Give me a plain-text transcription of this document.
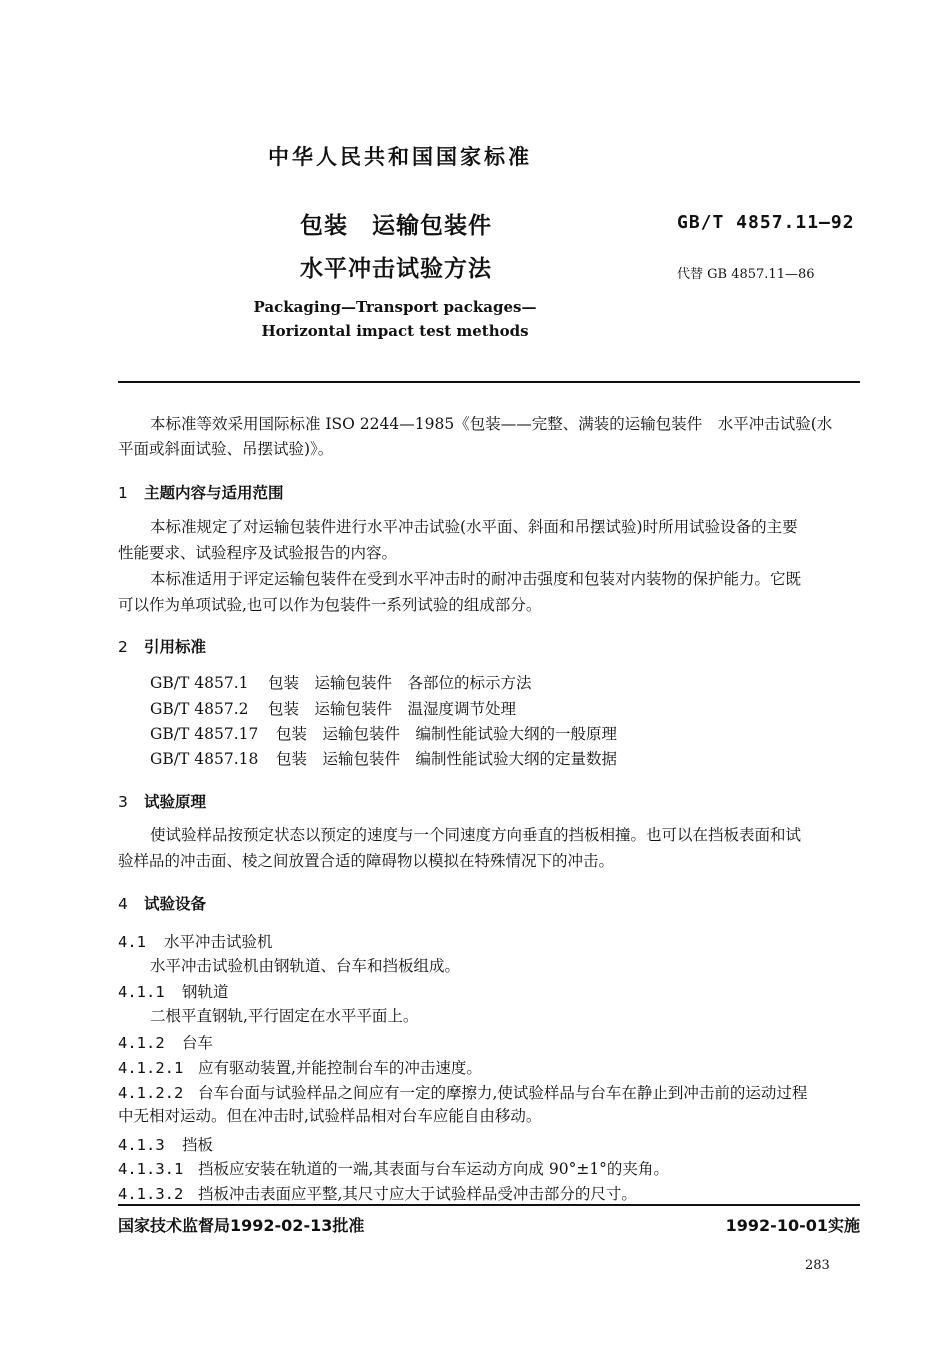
中华人民共和国国家标准
包装　运输包装件
水平冲击试验方法
GB/T 4857.11—92
代替 GB 4857.11—86
Packaging—Transport packages—
Horizontal impact test methods
本标准等效采用国际标准 ISO 2244—1985《包装——完整、满装的运输包装件　水平冲击试验(水
平面或斜面试验、吊摆试验)》。
1 主题内容与适用范围
本标准规定了对运输包装件进行水平冲击试验(水平面、斜面和吊摆试验)时所用试验设备的主要
性能要求、试验程序及试验报告的内容。
本标准适用于评定运输包装件在受到水平冲击时的耐冲击强度和包装对内装物的保护能力。它既
可以作为单项试验,也可以作为包装件一系列试验的组成部分。
2 引用标准
GB/T 4857.1 包装　运输包装件　各部位的标示方法
GB/T 4857.2 包装　运输包装件　温湿度调节处理
GB/T 4857.17 包装　运输包装件　编制性能试验大纲的一般原理
GB/T 4857.18 包装　运输包装件　编制性能试验大纲的定量数据
3 试验原理
使试验样品按预定状态以预定的速度与一个同速度方向垂直的挡板相撞。也可以在挡板表面和试
验样品的冲击面、棱之间放置合适的障碍物以模拟在特殊情况下的冲击。
4 试验设备
4.1 水平冲击试验机
水平冲击试验机由钢轨道、台车和挡板组成。
4.1.1 钢轨道
二根平直钢轨,平行固定在水平平面上。
4.1.2 台车
4.1.2.1 应有驱动装置,并能控制台车的冲击速度。
4.1.2.2 台车台面与试验样品之间应有一定的摩擦力,使试验样品与台车在静止到冲击前的运动过程
中无相对运动。但在冲击时,试验样品相对台车应能自由移动。
4.1.3 挡板
4.1.3.1 挡板应安装在轨道的一端,其表面与台车运动方向成 90°±1°的夹角。
4.1.3.2 挡板冲击表面应平整,其尺寸应大于试验样品受冲击部分的尺寸。
国家技术监督局1992-02-13批准	1992-10-01实施
283
